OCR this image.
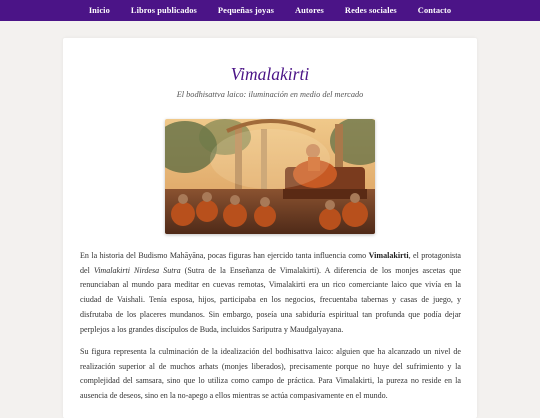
Inicio	Libros publicados	Pequeñas joyas	Autores	Redes sociales	Contacto
Vimalakirti
El bodhisattva laico: iluminación en medio del mercado

En la historia del Budismo Mahāyāna, pocas figuras han ejercido tanta influencia como Vimalakirti, el protagonista del Vimalakirti Nirdesa Sutra (Sutra de la Enseñanza de Vimalakirti). A diferencia de los monjes ascetas que renunciaban al mundo para meditar en cuevas remotas, Vimalakirti era un rico comerciante laico que vivía en la ciudad de Vaishali. Tenía esposa, hijos, participaba en los negocios, frecuentaba tabernas y casas de juego, y disfrutaba de los placeres mundanos. Sin embargo, poseía una sabiduría espiritual tan profunda que podía dejar perplejos a los grandes discípulos de Buda, incluidos Sariputra y Maudgalyayana.

Su figura representa la culminación de la idealización del bodhisattva laico: alguien que ha alcanzado un nivel de realización superior al de muchos arhats (monjes liberados), precisamente porque no huye del sufrimiento y la complejidad del samsara, sino que lo utiliza como campo de práctica. Para Vimalakirti, la pureza no reside en la ausencia de deseos, sino en la no-apego a ellos mientras se actúa compasivamente en el mundo.
